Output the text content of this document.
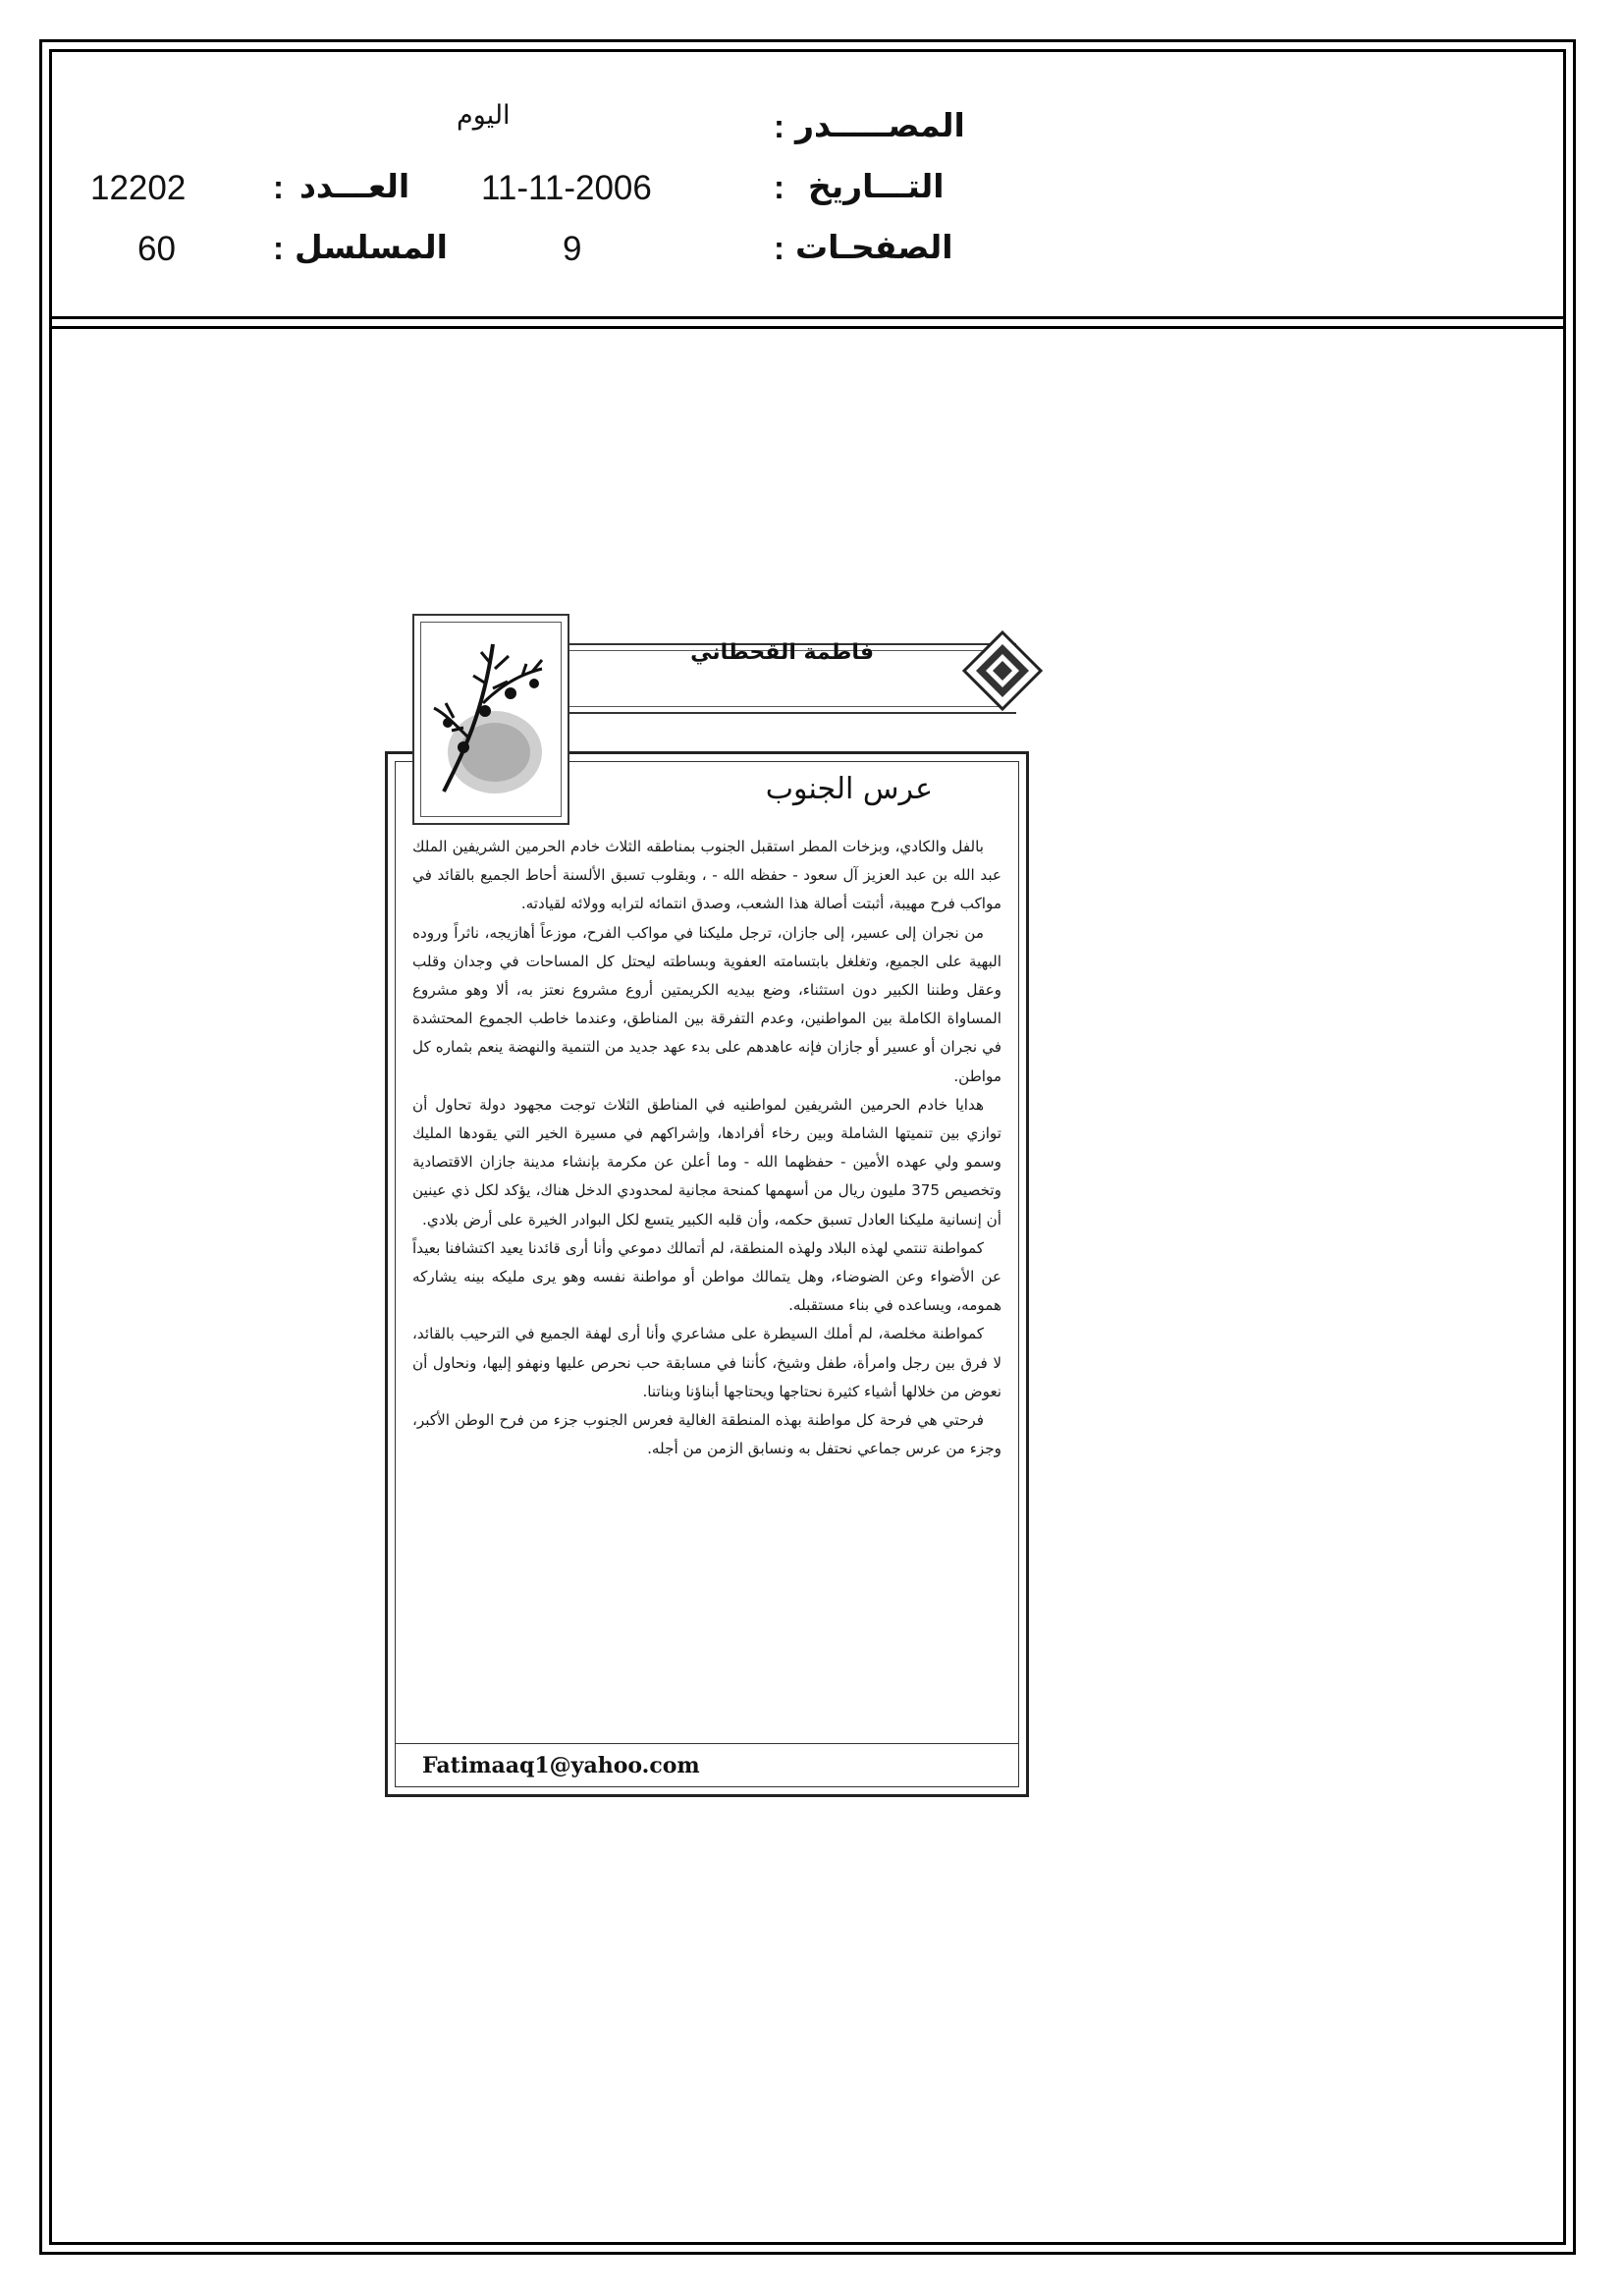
المصـــــدر
:
اليوم
التـــاريخ
:
11-11-2006
الصفحـات
:
9
العـــدد
:
12202
المسلسل
:
60
فاطمة القحطاني
عرس الجنوب

بالفل والكادي، وبزخات المطر استقبل الجنوب بمناطقه الثلاث خادم الحرمين الشريفين الملك عبد الله بن عبد العزيز آل سعود - حفظه الله - ، وبقلوب تسبق الألسنة أحاط الجميع بالقائد في مواكب فرح مهيبة، أثبتت أصالة هذا الشعب، وصدق انتمائه لترابه وولائه لقيادته.

من نجران إلى عسير، إلى جازان، ترجل مليكنا في مواكب الفرح، موزعاً أهازيجه، ناثراً وروده البهية على الجميع، وتغلغل بابتسامته العفوية وبساطته ليحتل كل المساحات في وجدان وقلب وعقل وطننا الكبير دون استثناء، وضع بيديه الكريمتين أروع مشروع نعتز به، ألا وهو مشروع المساواة الكاملة بين المواطنين، وعدم التفرقة بين المناطق، وعندما خاطب الجموع المحتشدة في نجران أو عسير أو جازان فإنه عاهدهم على بدء عهد جديد من التنمية والنهضة ينعم بثماره كل مواطن.

هدايا خادم الحرمين الشريفين لمواطنيه في المناطق الثلاث توجت مجهود دولة تحاول أن توازي بين تنميتها الشاملة وبين رخاء أفرادها، وإشراكهم في مسيرة الخير التي يقودها المليك وسمو ولي عهده الأمين - حفظهما الله - وما أعلن عن مكرمة بإنشاء مدينة جازان الاقتصادية وتخصيص 375 مليون ريال من أسهمها كمنحة مجانية لمحدودي الدخل هناك، يؤكد لكل ذي عينين أن إنسانية مليكنا العادل تسبق حكمه، وأن قلبه الكبير يتسع لكل البوادر الخيرة على أرض بلادي.

كمواطنة تنتمي لهذه البلاد ولهذه المنطقة، لم أتمالك دموعي وأنا أرى قائدنا يعيد اكتشافنا بعيداً عن الأضواء وعن الضوضاء، وهل يتمالك مواطن أو مواطنة نفسه وهو يرى مليكه بينه يشاركه همومه، ويساعده في بناء مستقبله.

كمواطنة مخلصة، لم أملك السيطرة على مشاعري وأنا أرى لهفة الجميع في الترحيب بالقائد، لا فرق بين رجل وامرأة، طفل وشيخ، كأننا في مسابقة حب نحرص عليها ونهفو إليها، ونحاول أن نعوض من خلالها أشياء كثيرة نحتاجها ويحتاجها أبناؤنا وبناتنا.

فرحتي هي فرحة كل مواطنة بهذه المنطقة الغالية فعرس الجنوب جزء من فرح الوطن الأكبر، وجزء من عرس جماعي نحتفل به ونسابق الزمن من أجله.

Fatimaaq1@yahoo.com
